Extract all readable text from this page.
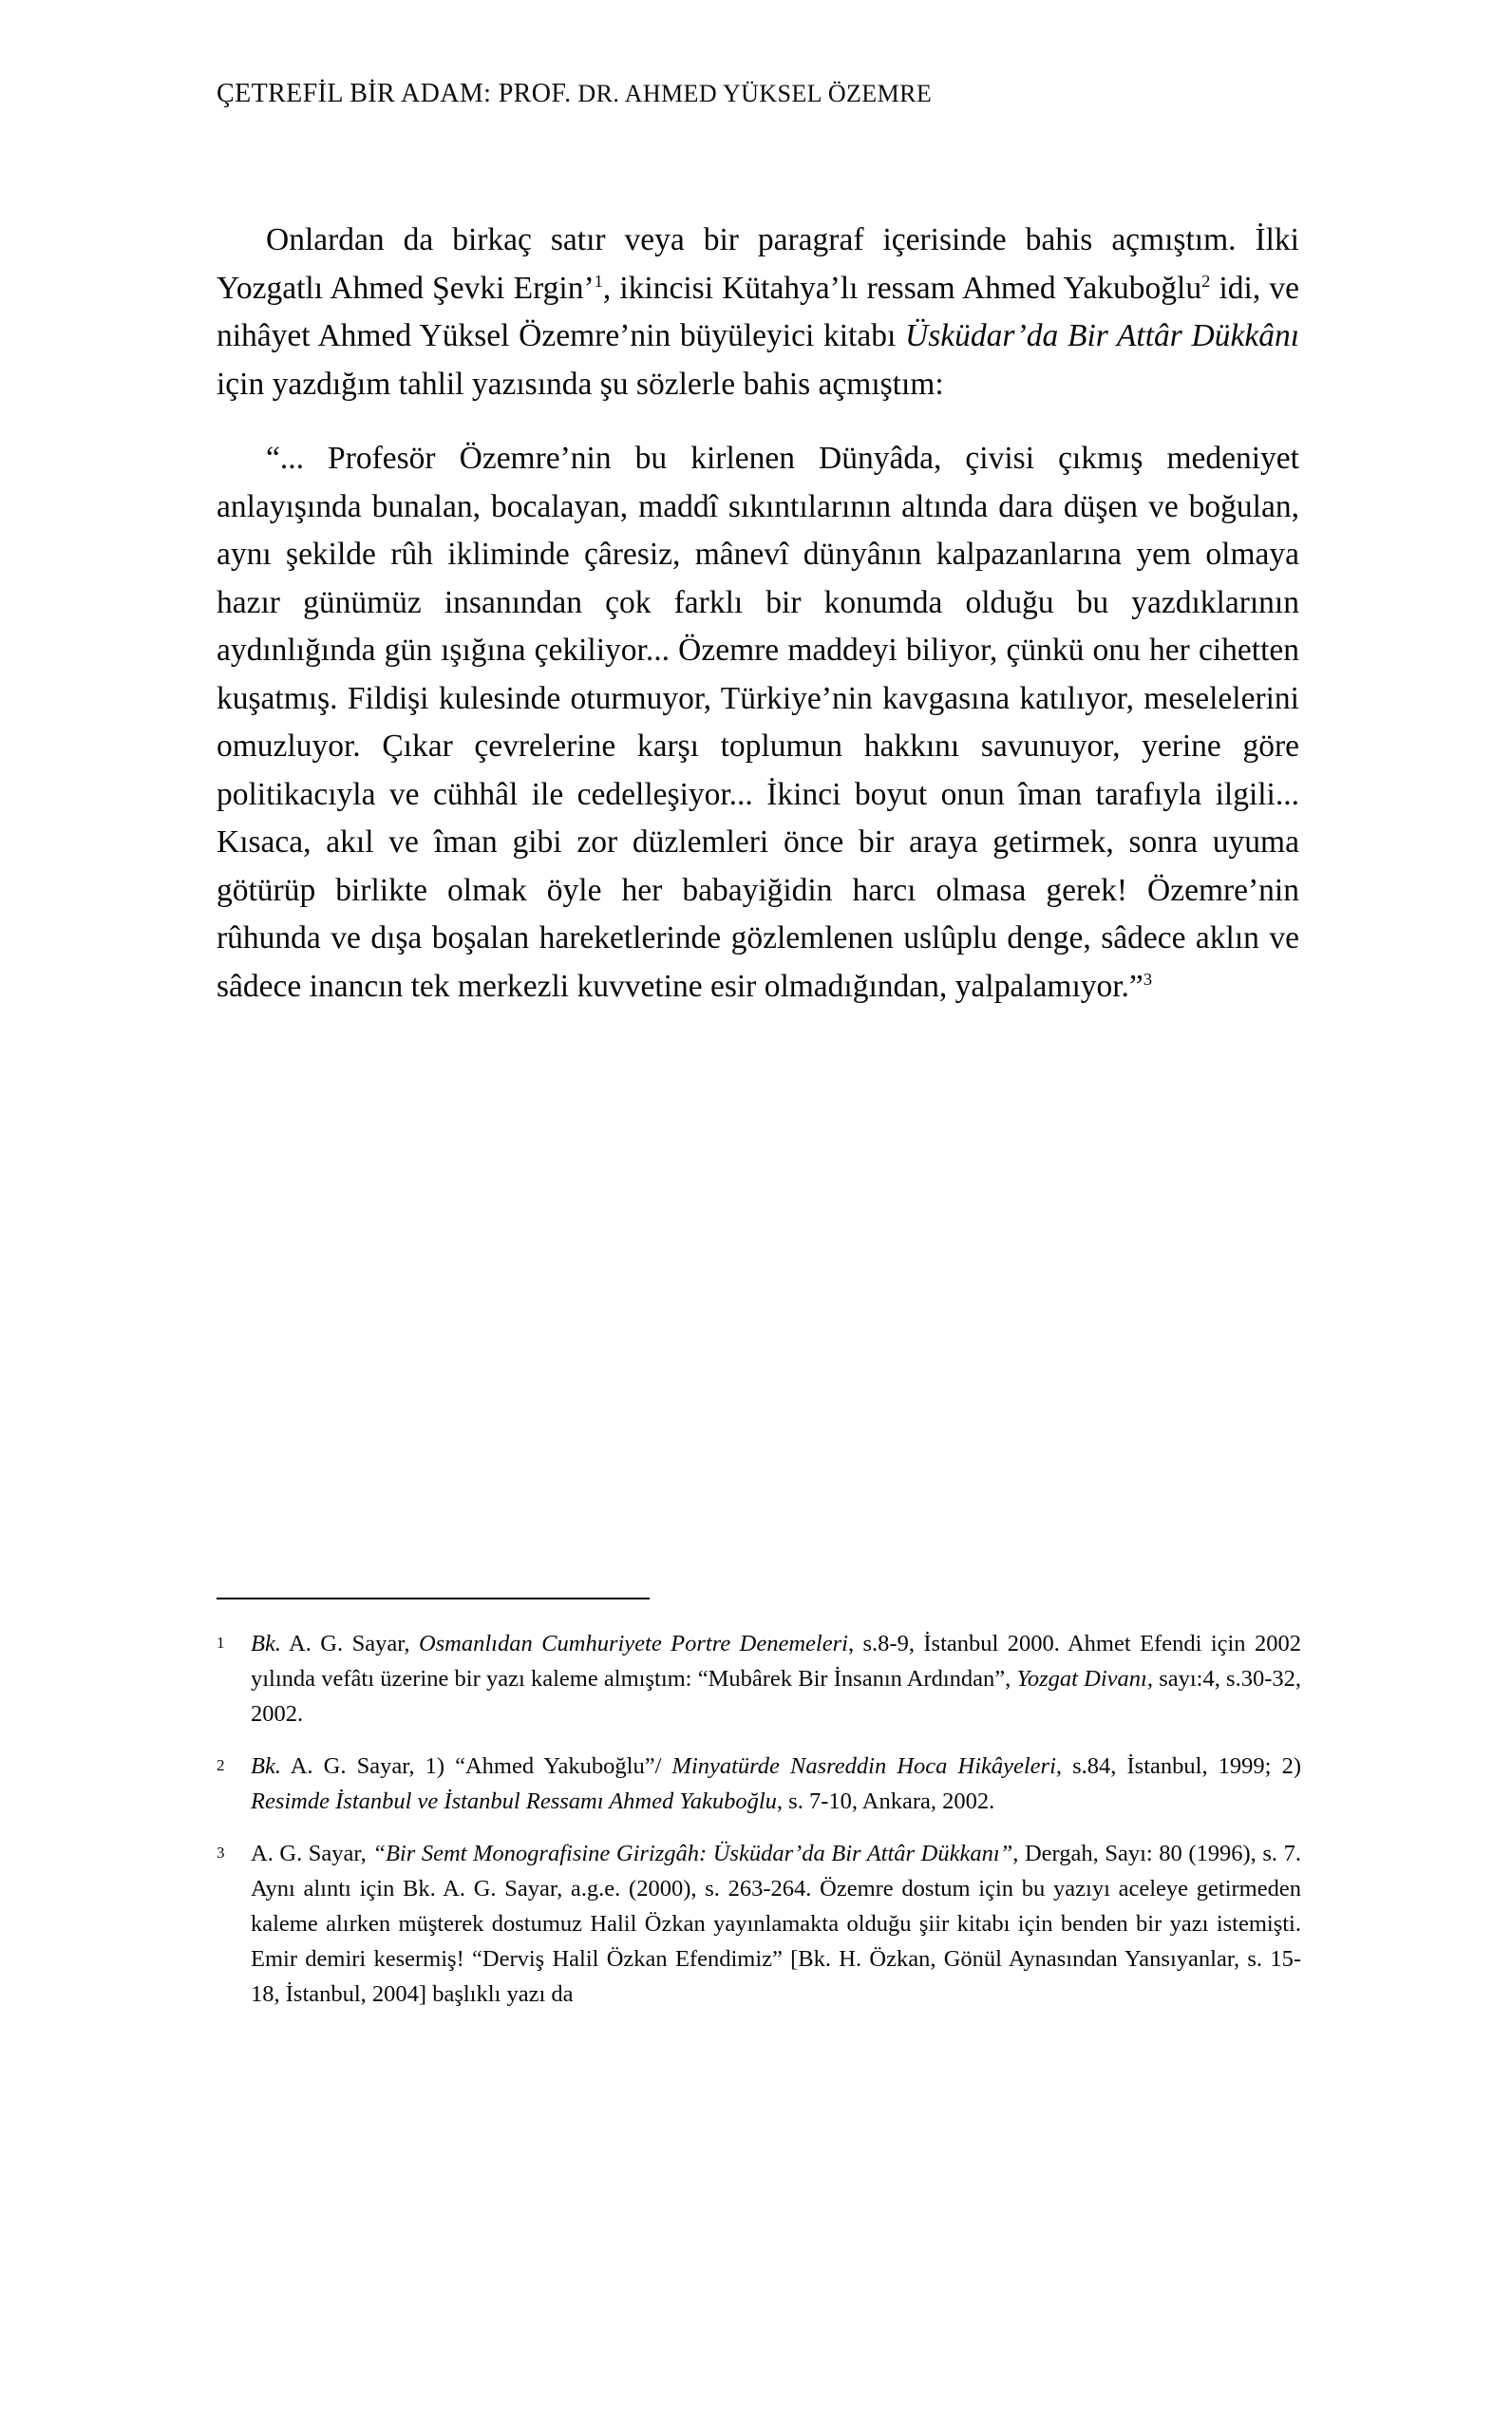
ÇETREFİL BİR ADAM: PROF. DR. AHMED YÜKSEL ÖZEMRE

Onlardan da birkaç satır veya bir paragraf içerisinde bahis açmıştım. İlki Yozgatlı Ahmed Şevki Ergin’$^1$, ikincisi Kütahya’lı ressam Ahmed Yakuboğlu$^2$ idi, ve nihâyet Ahmed Yüksel Özemre’nin büyüleyici kitabı Üsküdar’da Bir Attâr Dükkânı için yazdığım tahlil yazısında şu sözlerle bahis açmıştım:

“... Profesör Özemre’nin bu kirlenen Dünyâda, çivisi çıkmış medeniyet anlayışında bunalan, bocalayan, maddî sıkıntılarının altında dara düşen ve boğulan, aynı şekilde rûh ikliminde çâresiz, mânevî dünyânın kalpazanlarına yem olmaya hazır günümüz insanından çok farklı bir konumda olduğu bu yazdıklarının aydınlığında gün ışığına çekiliyor... Özemre maddeyi biliyor, çünkü onu her cihetten kuşatmış. Fildişi kulesinde oturmuyor, Türkiye’nin kavgasına katılıyor, meselelerini omuzluyor. Çıkar çevrelerine karşı toplumun hakkını savunuyor, yerine göre politikacıyla ve cühhâl ile cedelleşiyor... İkinci boyut onun îman tarafıyla ilgili... Kısaca, akıl ve îman gibi zor düzlemleri önce bir araya getirmek, sonra uyuma götürüp birlikte olmak öyle her babayiğidin harcı olmasa gerek! Özemre’nin rûhunda ve dışa boşalan hareketlerinde gözlemlenen uslûplu denge, sâdece aklın ve sâdece inancın tek merkezli kuvvetine esir olmadığından, yalpalamıyor.”$^3$

1 Bk. A. G. Sayar, Osmanlıdan Cumhuriyete Portre Denemeleri, s.8-9, İstanbul 2000. Ahmet Efendi için 2002 yılında vefâtı üzerine bir yazı kaleme almıştım: “Mubârek Bir İnsanın Ardından”, Yozgat Divanı, sayı:4, s.30-32, 2002.
2 Bk. A. G. Sayar, 1) “Ahmed Yakuboğlu”/ Minyatürde Nasreddin Hoca Hikâyeleri, s.84, İstanbul, 1999; 2) Resimde İstanbul ve İstanbul Ressamı Ahmed Yakuboğlu, s. 7-10, Ankara, 2002.
3 A. G. Sayar, “Bir Semt Monografisine Girizgâh: Üsküdar’da Bir Attâr Dükkanı”, Dergah, Sayı: 80 (1996), s. 7. Aynı alıntı için Bk. A. G. Sayar, a.g.e. (2000), s. 263-264. Özemre dostum için bu yazıyı aceleye getirmeden kaleme alırken müşterek dostumuz Halil Özkan yayınlamakta olduğu şiir kitabı için benden bir yazı istemişti. Emir demiri kesermiş! “Derviş Halil Özkan Efendimiz” [Bk. H. Özkan, Gönül Aynasından Yansıyanlar, s. 15-18, İstanbul, 2004] başlıklı yazı da
